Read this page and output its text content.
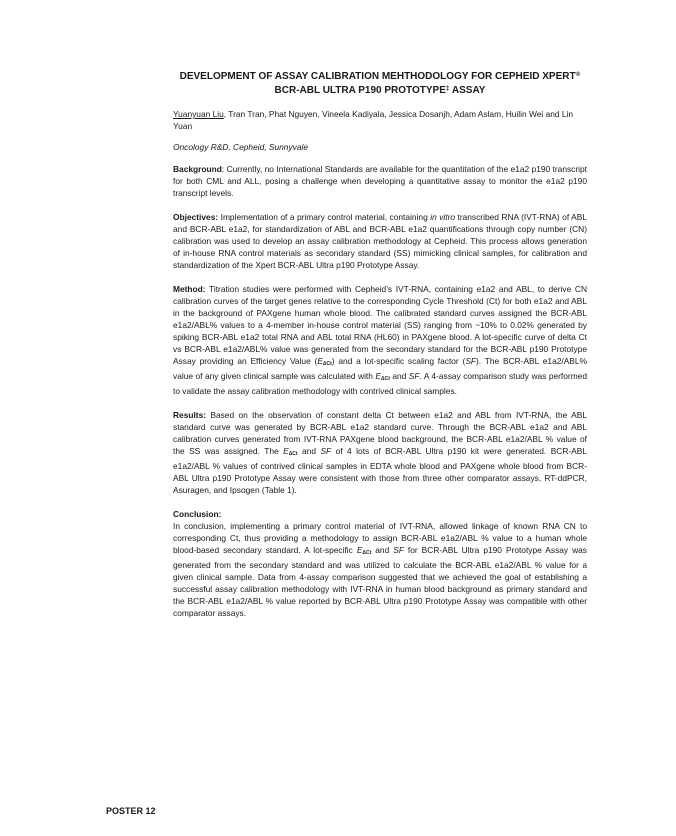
DEVELOPMENT OF ASSAY CALIBRATION MEHTHODOLOGY FOR CEPHEID XPERT®
BCR-ABL ULTRA P190 PROTOTYPE‡ ASSAY
Yuanyuan Liu, Tran Tran, Phat Nguyen, Vineela Kadiyala, Jessica Dosanjh, Adam Aslam, Huilin Wei and Lin Yuan
Oncology R&D, Cepheid, Sunnyvale

Background: Currently, no International Standards are available for the quantitation of the e1a2 p190 transcript for both CML and ALL, posing a challenge when developing a quantitative assay to monitor the e1a2 p190 transcript levels.

Objectives: Implementation of a primary control material, containing in vitro transcribed RNA (IVT-RNA) of ABL and BCR-ABL e1a2, for standardization of ABL and BCR-ABL e1a2 quantifications through copy number (CN) calibration was used to develop an assay calibration methodology at Cepheid. This process allows generation of in-house RNA control materials as secondary standard (SS) mimicking clinical samples, for calibration and standardization of the Xpert BCR-ABL Ultra p190 Prototype Assay.

Method: Titration studies were performed with Cepheid’s IVT-RNA, containing e1a2 and ABL, to derive CN calibration curves of the target genes relative to the corresponding Cycle Threshold (Ct) for both e1a2 and ABL in the background of PAXgene human whole blood. The calibrated standard curves assigned the BCR-ABL e1a2/ABL% values to a 4-member in-house control material (SS) ranging from ~10% to 0.02% generated by spiking BCR-ABL e1a2 total RNA and ABL total RNA (HL60) in PAXgene blood. A lot-specific curve of delta Ct vs BCR-ABL e1a2/ABL% value was generated from the secondary standard for the BCR-ABL p190 Prototype Assay providing an Efficiency Value $(E_{\Delta Ct})$ and a lot-specific scaling factor (SF). The BCR-ABL e1a2/ABL% value of any given clinical sample was calculated with $E_{\Delta Ct}$ and SF. A 4-assay comparison study was performed to validate the assay calibration methodology with contrived clinical samples.

Results: Based on the observation of constant delta Ct between e1a2 and ABL from IVT-RNA, the ABL standard curve was generated by BCR-ABL e1a2 standard curve. Through the BCR-ABL e1a2 and ABL calibration curves generated from IVT-RNA PAXgene blood background, the BCR-ABL e1a2/ABL % value of the SS was assigned. The $E_{\Delta Ct}$ and SF of 4 lots of BCR-ABL Ultra p190 kit were generated. BCR-ABL e1a2/ABL % values of contrived clinical samples in EDTA whole blood and PAXgene whole blood from BCR-ABL Ultra p190 Prototype Assay were consistent with those from three other comparator assays, RT-ddPCR, Asuragen, and Ipsogen (Table 1).

Conclusion:
In conclusion, implementing a primary control material of IVT-RNA, allowed linkage of known RNA CN to corresponding Ct, thus providing a methodology to assign BCR-ABL e1a2/ABL % value to a human whole blood-based secondary standard. A lot-specific $E_{\Delta Ct}$ and SF for BCR-ABL Ultra p190 Prototype Assay was generated from the secondary standard and was utilized to calculate the BCR-ABL e1a2/ABL % value for a given clinical sample. Data from 4-assay comparison suggested that we achieved the goal of establishing a successful assay calibration methodology with IVT-RNA in human blood background as primary standard and the BCR-ABL e1a2/ABL % value reported by BCR-ABL Ultra p190 Prototype Assay was compatible with other comparator assays.

POSTER 12
